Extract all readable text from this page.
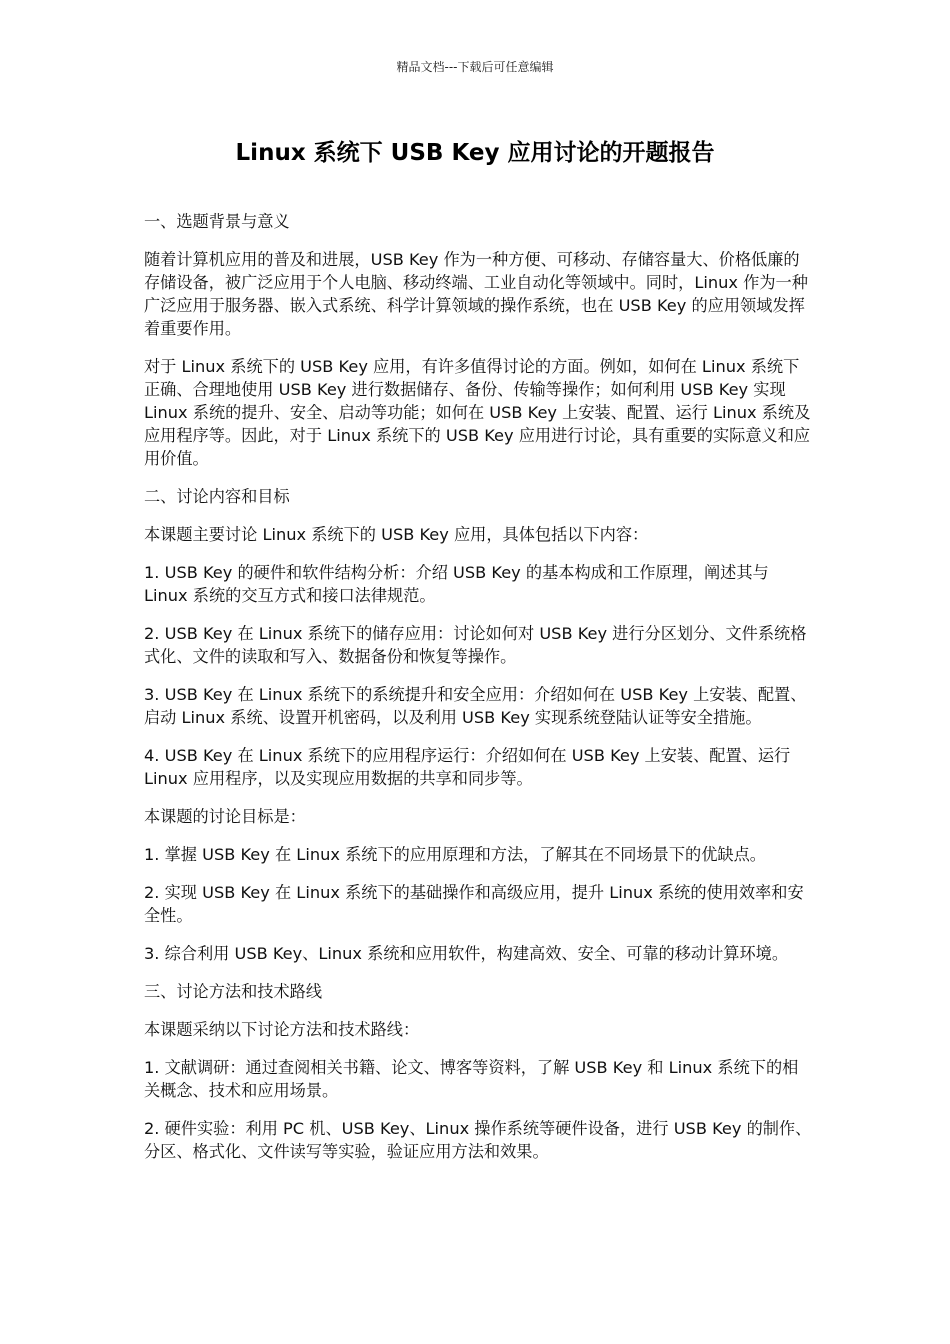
精品文档---下载后可任意编辑
Linux 系统下 USB Key 应用讨论的开题报告

一、选题背景与意义

随着计算机应用的普及和进展，USB Key 作为一种方便、可移动、存储容量大、价格低廉的存储设备，被广泛应用于个人电脑、移动终端、工业自动化等领域中。同时，Linux 作为一种广泛应用于服务器、嵌入式系统、科学计算领域的操作系统，也在 USB Key 的应用领域发挥着重要作用。

对于 Linux 系统下的 USB Key 应用，有许多值得讨论的方面。例如，如何在 Linux 系统下正确、合理地使用 USB Key 进行数据储存、备份、传输等操作；如何利用 USB Key 实现 Linux 系统的提升、安全、启动等功能；如何在 USB Key 上安装、配置、运行 Linux 系统及应用程序等。因此，对于 Linux 系统下的 USB Key 应用进行讨论，具有重要的实际意义和应用价值。

二、讨论内容和目标

本课题主要讨论 Linux 系统下的 USB Key 应用，具体包括以下内容：

1. USB Key 的硬件和软件结构分析：介绍 USB Key 的基本构成和工作原理，阐述其与 Linux 系统的交互方式和接口法律规范。

2. USB Key 在 Linux 系统下的储存应用：讨论如何对 USB Key 进行分区划分、文件系统格式化、文件的读取和写入、数据备份和恢复等操作。

3. USB Key 在 Linux 系统下的系统提升和安全应用：介绍如何在 USB Key 上安装、配置、启动 Linux 系统、设置开机密码，以及利用 USB Key 实现系统登陆认证等安全措施。

4. USB Key 在 Linux 系统下的应用程序运行：介绍如何在 USB Key 上安装、配置、运行 Linux 应用程序，以及实现应用数据的共享和同步等。

本课题的讨论目标是：

1. 掌握 USB Key 在 Linux 系统下的应用原理和方法，了解其在不同场景下的优缺点。

2. 实现 USB Key 在 Linux 系统下的基础操作和高级应用，提升 Linux 系统的使用效率和安全性。

3. 综合利用 USB Key、Linux 系统和应用软件，构建高效、安全、可靠的移动计算环境。

三、讨论方法和技术路线

本课题采纳以下讨论方法和技术路线：

1. 文献调研：通过查阅相关书籍、论文、博客等资料，了解 USB Key 和 Linux 系统下的相关概念、技术和应用场景。

2. 硬件实验：利用 PC 机、USB Key、Linux 操作系统等硬件设备，进行 USB Key 的制作、分区、格式化、文件读写等实验，验证应用方法和效果。
